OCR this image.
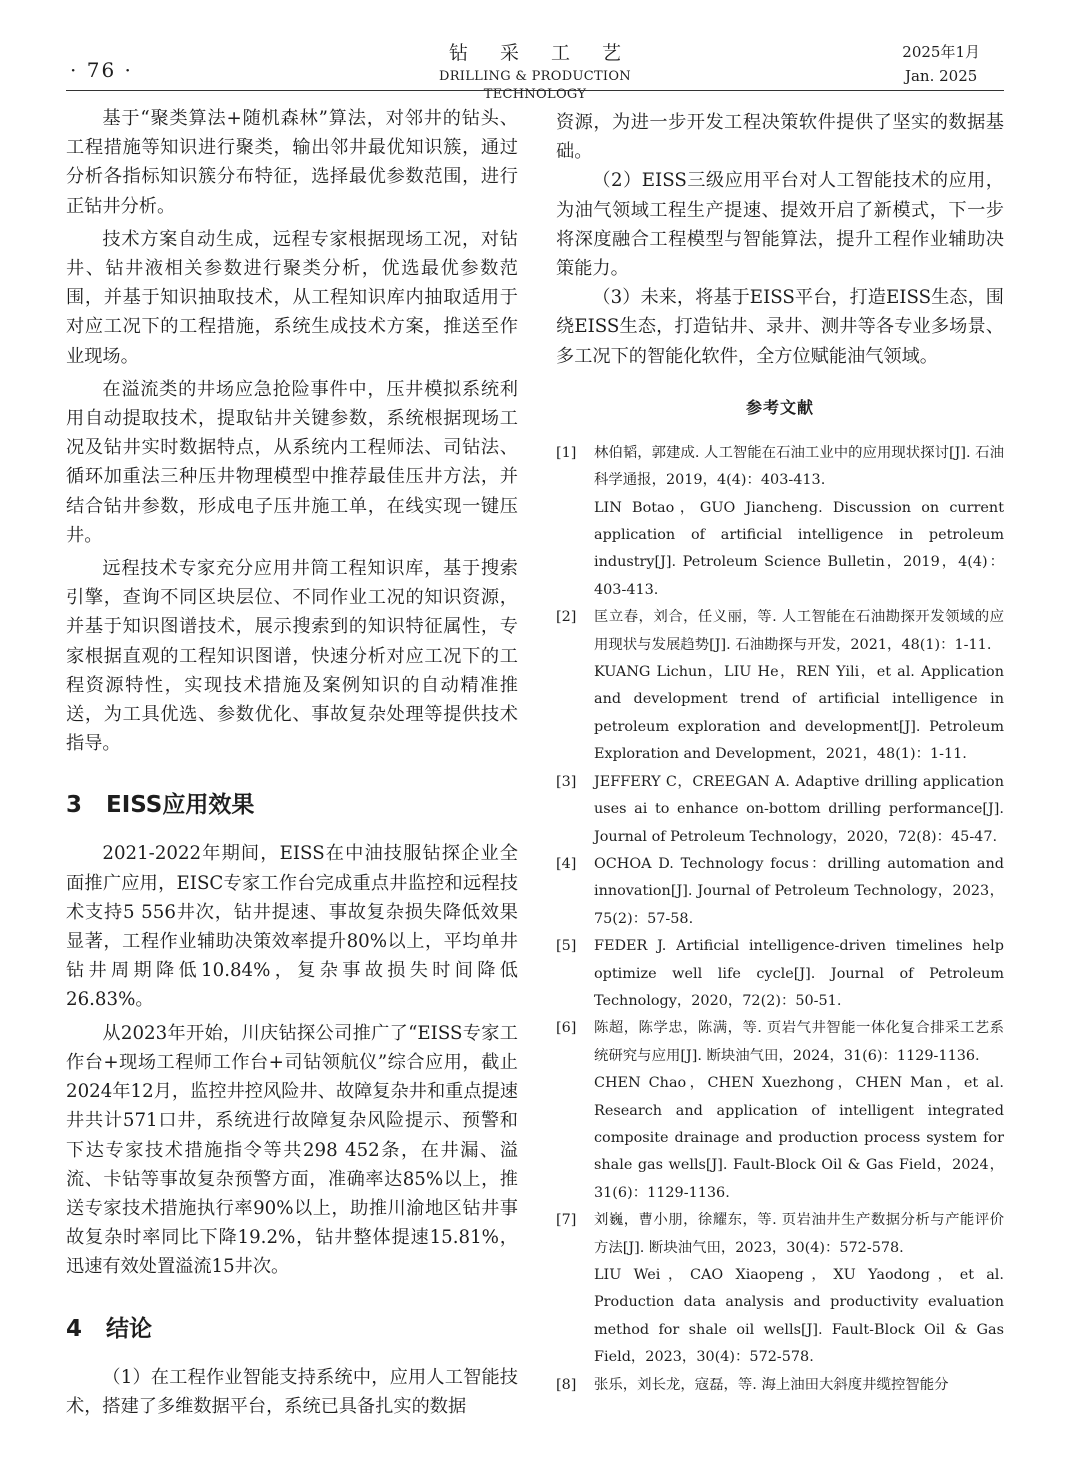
· 76 ·
钻采工艺
DRILLING & PRODUCTION TECHNOLOGY
2025年1月
Jan. 2025

基于“聚类算法+随机森林”算法，对邻井的钻头、工程措施等知识进行聚类，输出邻井最优知识簇，通过分析各指标知识簇分布特征，选择最优参数范围，进行正钻井分析。

技术方案自动生成，远程专家根据现场工况，对钻井、钻井液相关参数进行聚类分析，优选最优参数范围，并基于知识抽取技术，从工程知识库内抽取适用于对应工况下的工程措施，系统生成技术方案，推送至作业现场。

在溢流类的井场应急抢险事件中，压井模拟系统利用自动提取技术，提取钻井关键参数，系统根据现场工况及钻井实时数据特点，从系统内工程师法、司钻法、循环加重法三种压井物理模型中推荐最佳压井方法，并结合钻井参数，形成电子压井施工单，在线实现一键压井。

远程技术专家充分应用井筒工程知识库，基于搜索引擎，查询不同区块层位、不同作业工况的知识资源，并基于知识图谱技术，展示搜索到的知识特征属性，专家根据直观的工程知识图谱，快速分析对应工况下的工程资源特性，实现技术措施及案例知识的自动精准推送，为工具优选、参数优化、事故复杂处理等提供技术指导。

3 EISS应用效果

2021-2022年期间，EISS在中油技服钻探企业全面推广应用，EISC专家工作台完成重点井监控和远程技术支持5 556井次，钻井提速、事故复杂损失降低效果显著，工程作业辅助决策效率提升80%以上，平均单井钻井周期降低10.84%，复杂事故损失时间降低26.83%。

从2023年开始，川庆钻探公司推广了“EISS专家工作台+现场工程师工作台+司钻领航仪”综合应用，截止2024年12月，监控井控风险井、故障复杂井和重点提速井共计571口井，系统进行故障复杂风险提示、预警和下达专家技术措施指令等共298 452条，在井漏、溢流、卡钻等事故复杂预警方面，准确率达85%以上，推送专家技术措施执行率90%以上，助推川渝地区钻井事故复杂时率同比下降19.2%，钻井整体提速15.81%，迅速有效处置溢流15井次。

4 结论

（1）在工程作业智能支持系统中，应用人工智能技术，搭建了多维数据平台，系统已具备扎实的数据

资源，为进一步开发工程决策软件提供了坚实的数据基础。

（2）EISS三级应用平台对人工智能技术的应用，为油气领域工程生产提速、提效开启了新模式，下一步将深度融合工程模型与智能算法，提升工程作业辅助决策能力。

（3）未来，将基于EISS平台，打造EISS生态，围绕EISS生态，打造钻井、录井、测井等各专业多场景、多工况下的智能化软件，全方位赋能油气领域。

参考文献
[1]	林伯韬，郭建成. 人工智能在石油工业中的应用现状探讨[J]. 石油科学通报，2019，4(4)：403-413.
LIN Botao，GUO Jiancheng. Discussion on current application of artificial intelligence in petroleum industry[J]. Petroleum Science Bulletin，2019，4(4)：403-413.
[2]	匡立春，刘合，任义丽，等. 人工智能在石油勘探开发领域的应用现状与发展趋势[J]. 石油勘探与开发，2021，48(1)：1-11.
KUANG Lichun，LIU He，REN Yili，et al. Application and development trend of artificial intelligence in petroleum exploration and development[J]. Petroleum Exploration and Development，2021，48(1)：1-11.
[3]	JEFFERY C，CREEGAN A. Adaptive drilling application uses ai to enhance on-bottom drilling performance[J]. Journal of Petroleum Technology，2020，72(8)：45-47.
[4]	OCHOA D. Technology focus：drilling automation and innovation[J]. Journal of Petroleum Technology，2023，75(2)：57-58.
[5]	FEDER J. Artificial intelligence-driven timelines help optimize well life cycle[J]. Journal of Petroleum Technology，2020，72(2)：50-51.
[6]	陈超，陈学忠，陈满，等. 页岩气井智能一体化复合排采工艺系统研究与应用[J]. 断块油气田，2024，31(6)：1129-1136.
CHEN Chao，CHEN Xuezhong，CHEN Man，et al. Research and application of intelligent integrated composite drainage and production process system for shale gas wells[J]. Fault-Block Oil & Gas Field，2024，31(6)：1129-1136.
[7]	刘巍，曹小朋，徐耀东，等. 页岩油井生产数据分析与产能评价方法[J]. 断块油气田，2023，30(4)：572-578.
LIU Wei，CAO Xiaopeng，XU Yaodong，et al. Production data analysis and productivity evaluation method for shale oil wells[J]. Fault-Block Oil & Gas Field，2023，30(4)：572-578.
[8]	张乐，刘长龙，寇磊，等. 海上油田大斜度井缆控智能分
